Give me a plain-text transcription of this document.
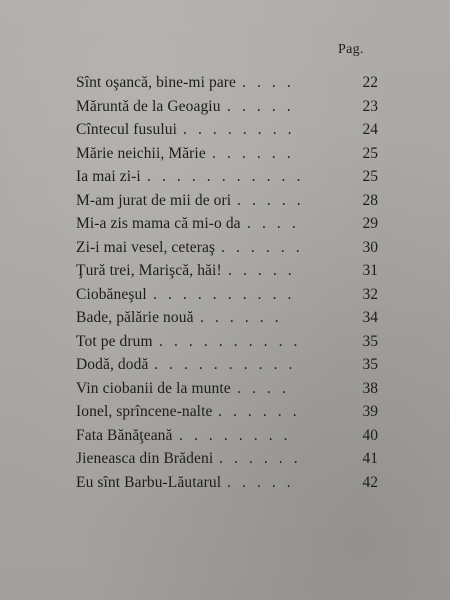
Pag.
Sînt oşancă, bine-mi pare . . . .	22
Măruntă de la Geoagiu . . . . .	23
Cîntecul fusului . . . . . . . .	24
Mărie neichii, Mărie . . . . . .	25
Ia mai zi-i . . . . . . . . . . .	25
M-am jurat de mii de ori . . . . .	28
Mi-a zis mama că mi-o da . . . .	29
Zi-i mai vesel, ceteraş . . . . . .	30
Ţură trei, Marişcă, hăi! . . . . .	31
Ciobăneşul . . . . . . . . . .	32
Bade, pălărie nouă . . . . . .	34
Tot pe drum . . . . . . . . . .	35
Dodă, dodă . . . . . . . . . .	35
Vin ciobanii de la munte . . . .	38
Ionel, sprîncene-nalte . . . . . .	39
Fata Bănăţeană . . . . . . . .	40
Jieneasca din Brădeni . . . . . .	41
Eu sînt Barbu-Lăutarul . . . . .	42
